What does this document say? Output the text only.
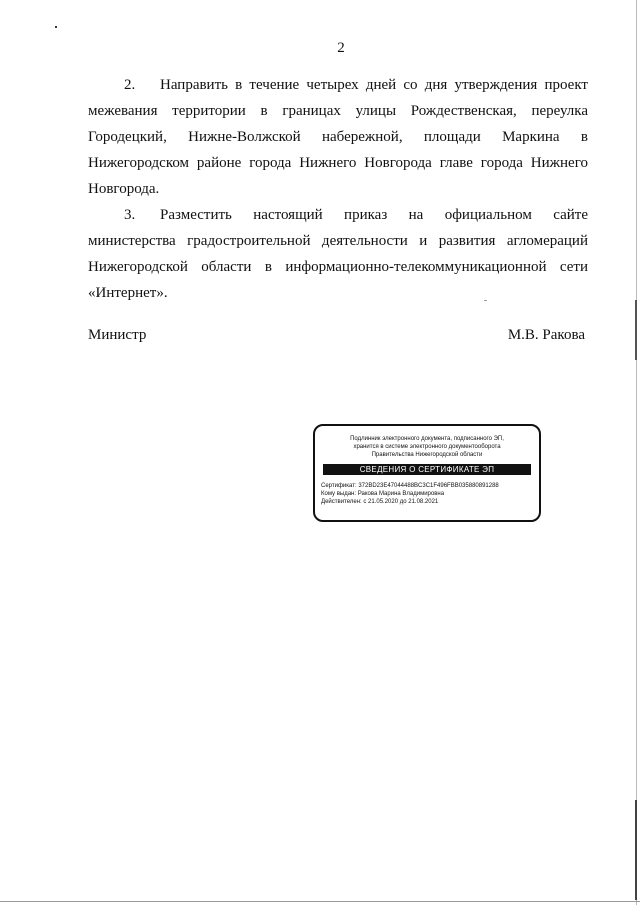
2

2. Направить в течение четырех дней со дня утверждения проект межевания территории в границах улицы Рождественская, переулка Городецкий, Нижне-Волжской набережной, площади Маркина в Нижегородском районе города Нижнего Новгорода главе города Нижнего Новгорода.

3. Разместить настоящий приказ на официальном сайте министерства градостроительной деятельности и развития агломераций Нижегородской области в информационно-телекоммуникационной сети «Интернет».

Министр	М.В. Ракова
Подлинник электронного документа, подписанного ЭП,
хранится в системе электронного документооборота
Правительства Нижегородской области
СВЕДЕНИЯ О СЕРТИФИКАТЕ ЭП
Сертификат: 372BD23E47044488BC3C1F496FBB035880891288
Кому выдан: Ракова Марина Владимировна
Действителен: с 21.05.2020 до 21.08.2021
